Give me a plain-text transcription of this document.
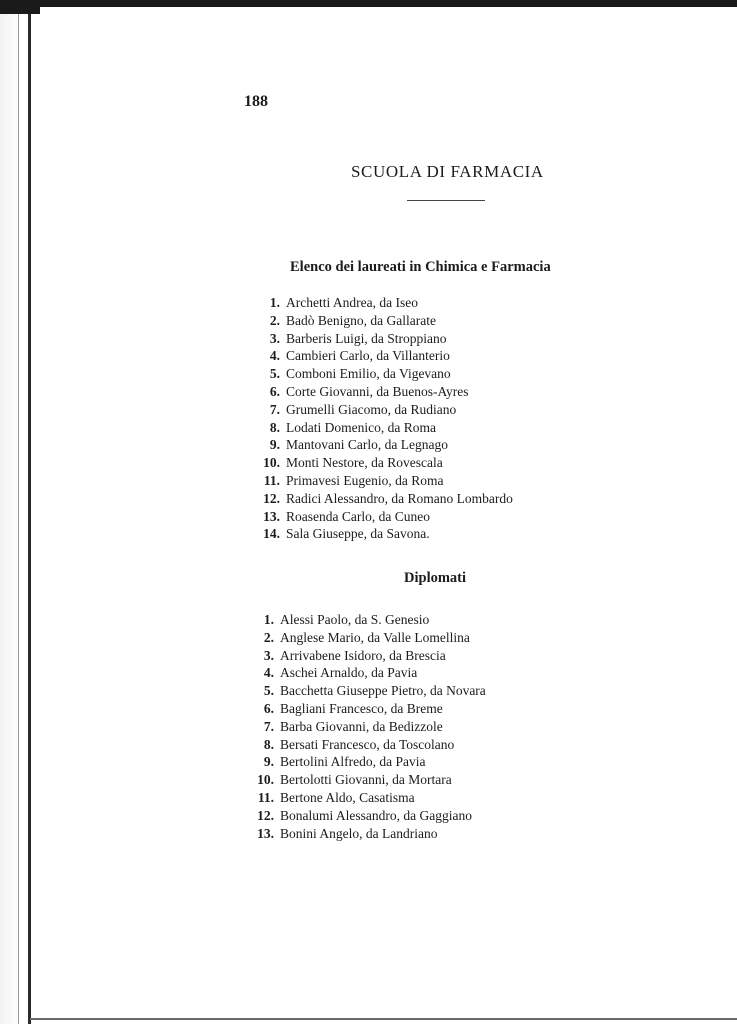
188
SCUOLA DI FARMACIA
Elenco dei laureati in Chimica e Farmacia
1. Archetti Andrea, da Iseo
2. Badò Benigno, da Gallarate
3. Barberis Luigi, da Stroppiano
4. Cambieri Carlo, da Villanterio
5. Comboni Emilio, da Vigevano
6. Corte Giovanni, da Buenos-Ayres
7. Grumelli Giacomo, da Rudiano
8. Lodati Domenico, da Roma
9. Mantovani Carlo, da Legnago
10. Monti Nestore, da Rovescala
11. Primavesi Eugenio, da Roma
12. Radici Alessandro, da Romano Lombardo
13. Roasenda Carlo, da Cuneo
14. Sala Giuseppe, da Savona.
Diplomati
1. Alessi Paolo, da S. Genesio
2. Anglese Mario, da Valle Lomellina
3. Arrivabene Isidoro, da Brescia
4. Aschei Arnaldo, da Pavia
5. Bacchetta Giuseppe Pietro, da Novara
6. Bagliani Francesco, da Breme
7. Barba Giovanni, da Bedizzole
8. Bersati Francesco, da Toscolano
9. Bertolini Alfredo, da Pavia
10. Bertolotti Giovanni, da Mortara
11. Bertone Aldo, Casatisma
12. Bonalumi Alessandro, da Gaggiano
13. Bonini Angelo, da Landriano
